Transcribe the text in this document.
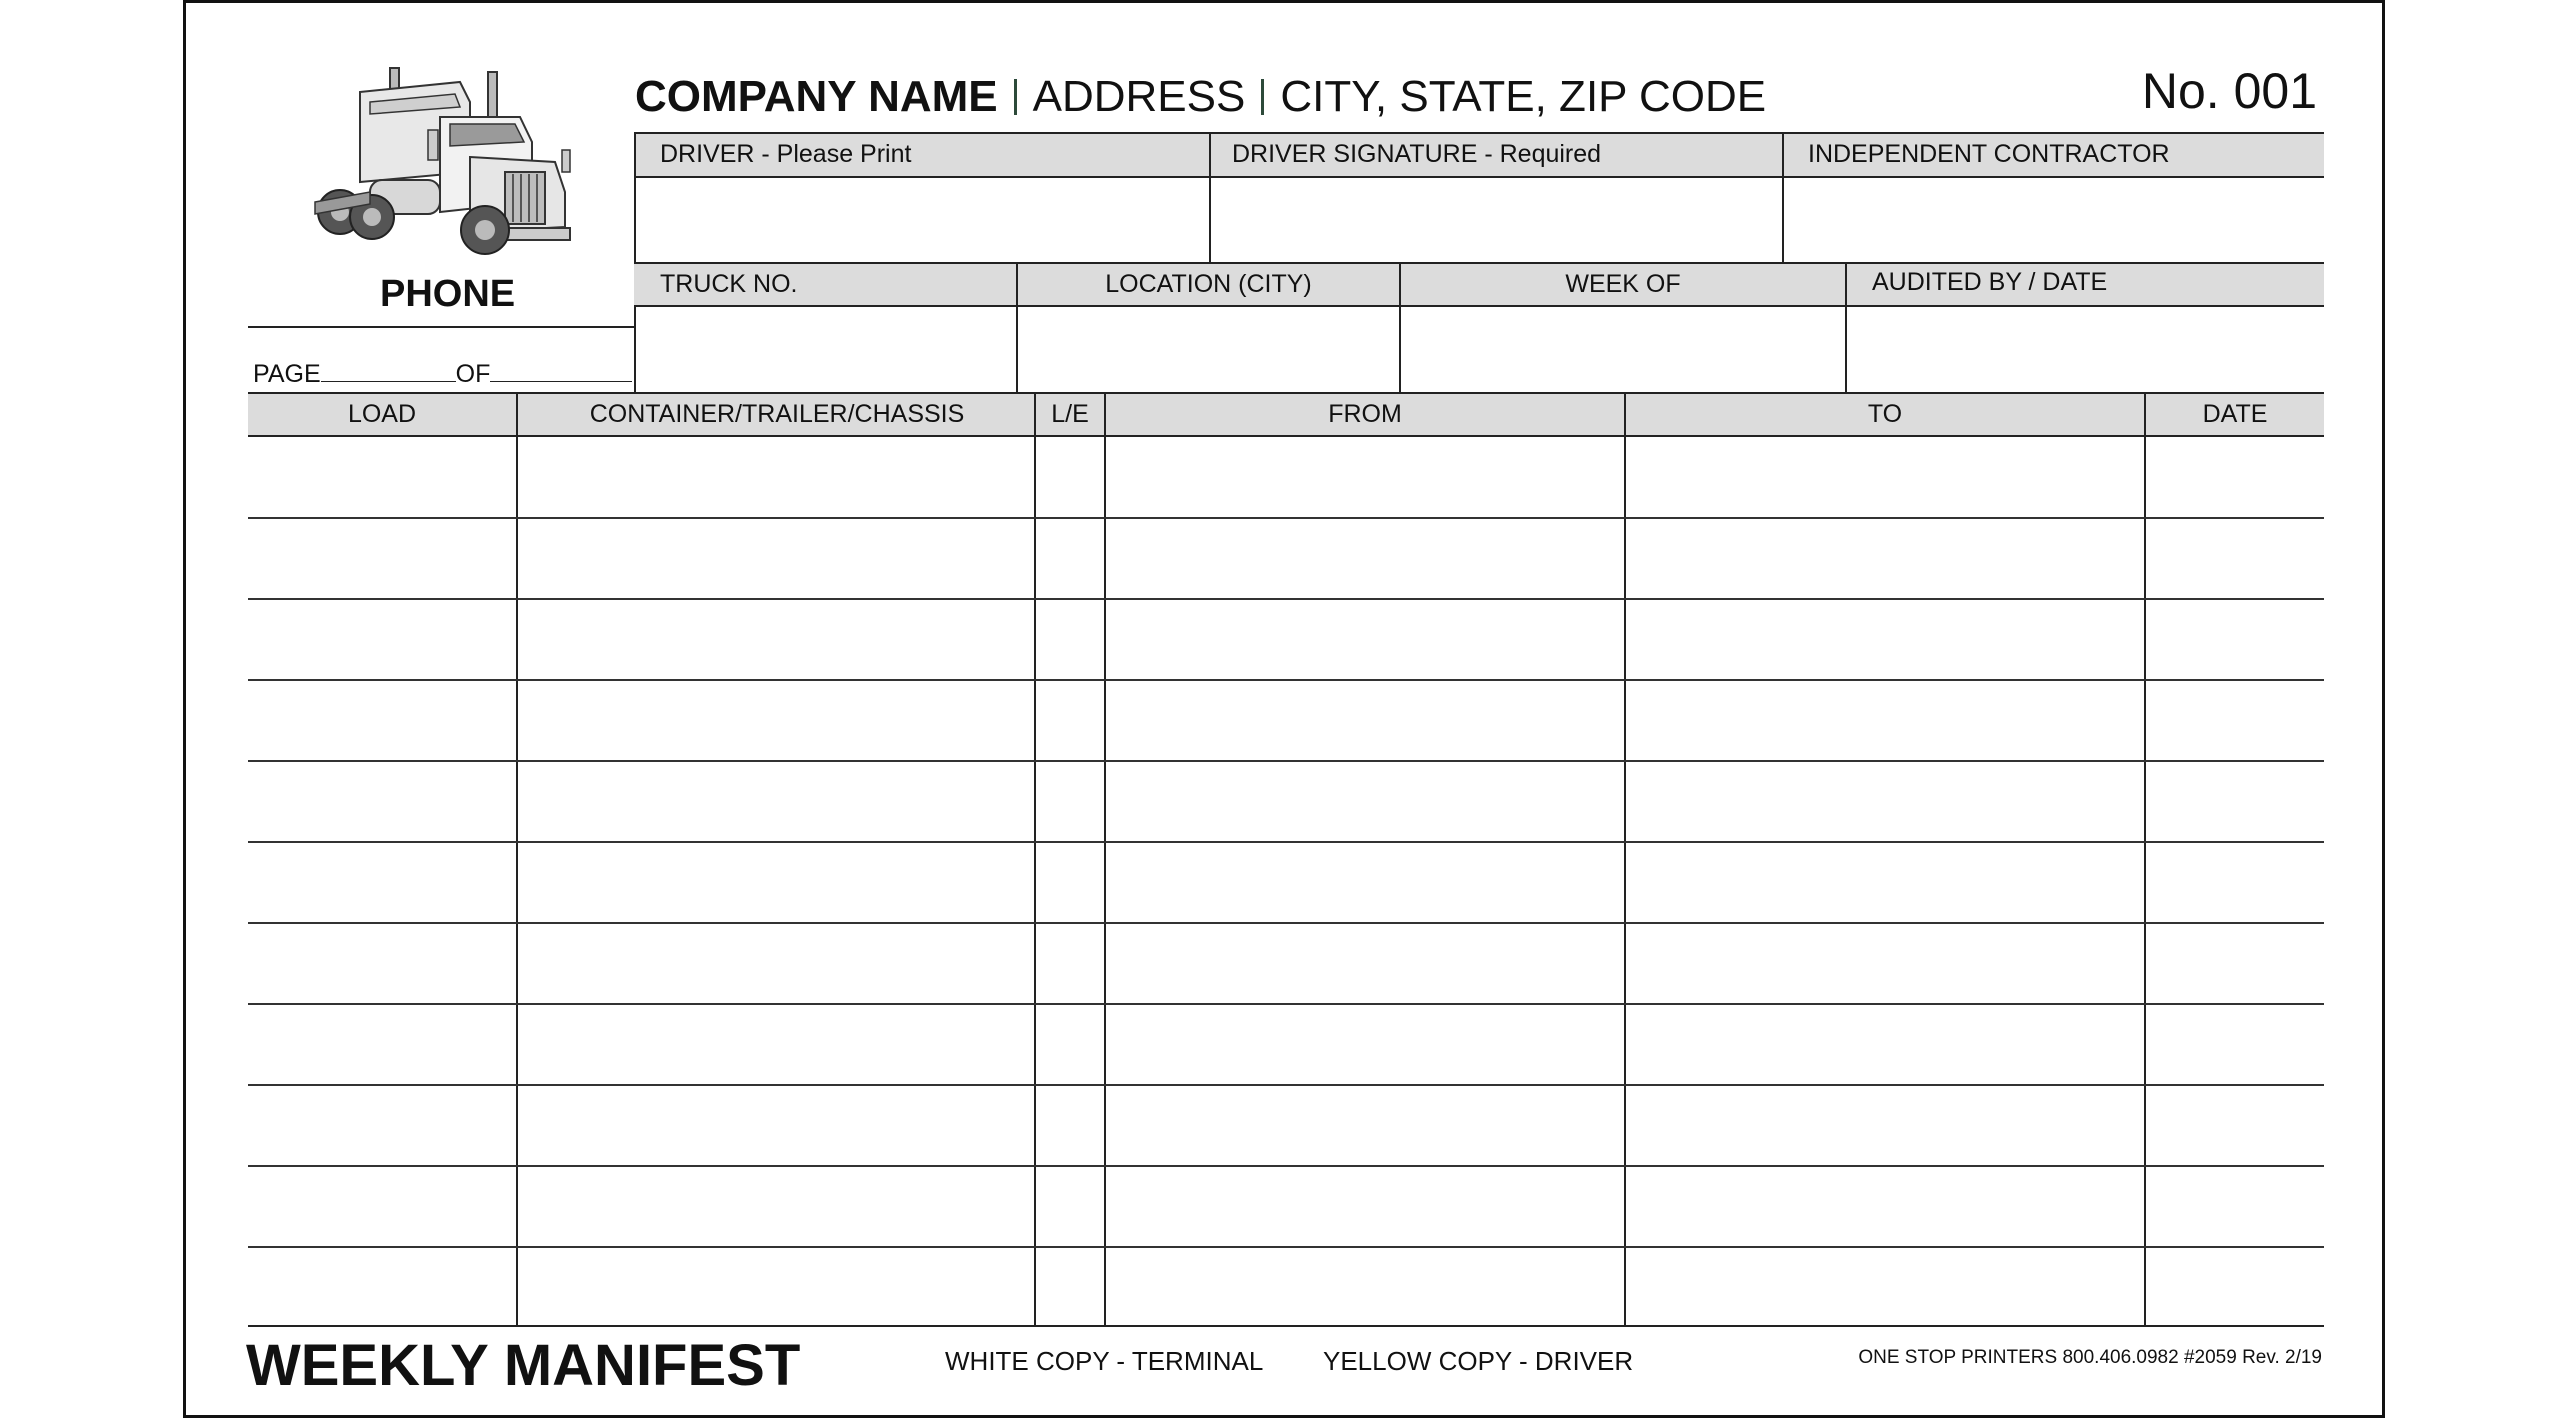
PHONE
PAGE	OF
COMPANY NAME ADDRESS CITY, STATE, ZIP CODE	No. 001
DRIVER - Please Print	DRIVER SIGNATURE - Required	INDEPENDENT CONTRACTOR
TRUCK NO.	LOCATION (CITY)	WEEK OF	AUDITED BY / DATE
LOAD	CONTAINER/TRAILER/CHASSIS	L/E	FROM	TO	DATE
WEEKLY MANIFEST	WHITE COPY - TERMINAL YELLOW COPY - DRIVER	ONE STOP PRINTERS 800.406.0982 #2059 Rev. 2/19
